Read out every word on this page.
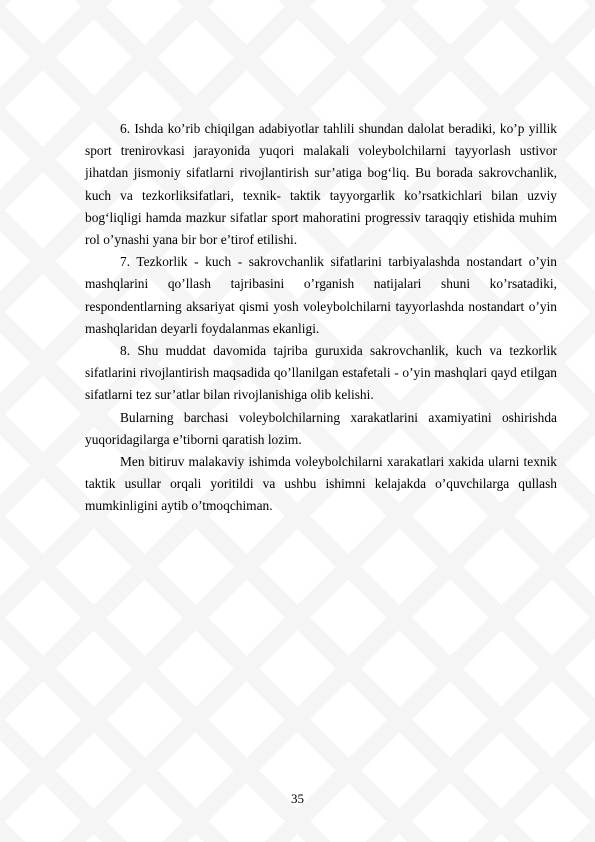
6. Ishda ko’rib chiqilgan adabiyotlar tahlili shundan dalolat beradiki, ko’p yillik sport trenirovkasi jarayonida yuqori malakali voleybolchilarni tayyorlash ustivor jihatdan jismoniy sifatlarni rivojlantirish sur’atiga bog‘liq. Bu borada sakrovchanlik, kuch va tezkorliksifatlari, texnik- taktik tayyorgarlik ko’rsatkichlari bilan uzviy bog‘liqligi hamda mazkur sifatlar sport mahoratini progressiv taraqqiy etishida muhim rol o’ynashi yana bir bor e’tirof etilishi.

7. Tezkorlik - kuch - sakrovchanlik sifatlarini tarbiyalashda nostandart o’yin mashqlarini qo’llash tajribasini o’rganish natijalari shuni ko’rsatadiki, respondentlarning aksariyat qismi yosh voleybolchilarni tayyorlashda nostandart o’yin mashqlaridan deyarli foydalanmas ekanligi.

8. Shu muddat davomida tajriba guruxida sakrovchanlik, kuch va tezkorlik sifatlarini rivojlantirish maqsadida qo’llanilgan estafetali - o’yin mashqlari qayd etilgan sifatlarni tez sur’atlar bilan rivojlanishiga olib kelishi.

Bularning barchasi voleybolchilarning xarakatlarini axamiyatini oshirishda yuqoridagilarga e’tiborni qaratish lozim.

Men bitiruv malakaviy ishimda voleybolchilarni xarakatlari xakida ularni texnik taktik usullar orqali yoritildi va ushbu ishimni kelajakda o’quvchilarga qullash mumkinligini aytib o’tmoqchiman.

35
